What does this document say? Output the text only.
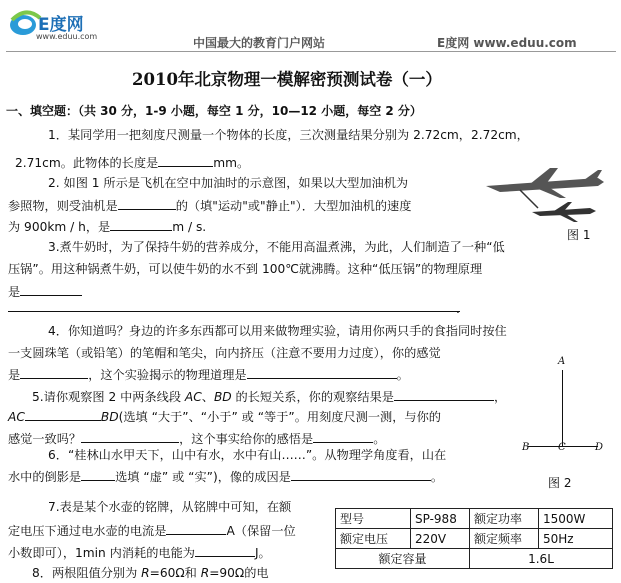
E度网
www.eduu.com	中国最大的教育门户网站	E度网 www.eduu.com
2010年北京物理一模解密预测试卷（一）
一、填空题：（共 30 分，1-9 小题，每空 1 分，10—12 小题，每空 2 分）
1．某同学用一把刻度尺测量一个物体的长度，三次测量结果分别为 2.72cm，2.72cm，
2.71cm。此物体的长度是	mm。
2. 如图 1 所示是飞机在空中加油时的示意图，如果以大型加油机为
参照物，则受油机是	的（填"运动"或"静止"）．大型加油机的速度
为 900km / h，是	m / s.
图 1
3.煮牛奶时，为了保持牛奶的营养成分，不能用高温煮沸，为此，人们制造了一种“低
压锅”。用这种锅煮牛奶，可以使牛奶的水不到 100℃就沸腾。这种“低压锅”的物理原理
是
.
4．你知道吗？身边的许多东西都可以用来做物理实验，请用你两只手的食指同时按住
一支圆珠笔（或铅笔）的笔帽和笔尖，向内挤压（注意不要用力过度），你的感觉
是	，这个实验揭示的物理道理是	。
5.请你观察图 2 中两条线段 AC、BD 的长短关系，你的观察结果是	，
AC	BD(选填 “大于”、“小于” 或 “等于”。用刻度尺测一测，与你的
感觉一致吗？	，这个事实给你的感悟是	。
6．“桂林山水甲天下，山中有水，水中有山……”。从物理学角度看，山在
水中的倒影是	选填 “虚” 或 “实”)，像的成因是	。
A
B	C	D
图 2
7.表是某个水壶的铭牌，从铭牌中可知，在额
定电压下通过电水壶的电流是	A（保留一位
小数即可），1min 内消耗的电能为	J。
8．两根阻值分别为 R=60Ω和 R=90Ω的电
型号	SP-988	额定功率	1500W
额定电压	220V	额定频率	50Hz
额定容量		1.6L	
